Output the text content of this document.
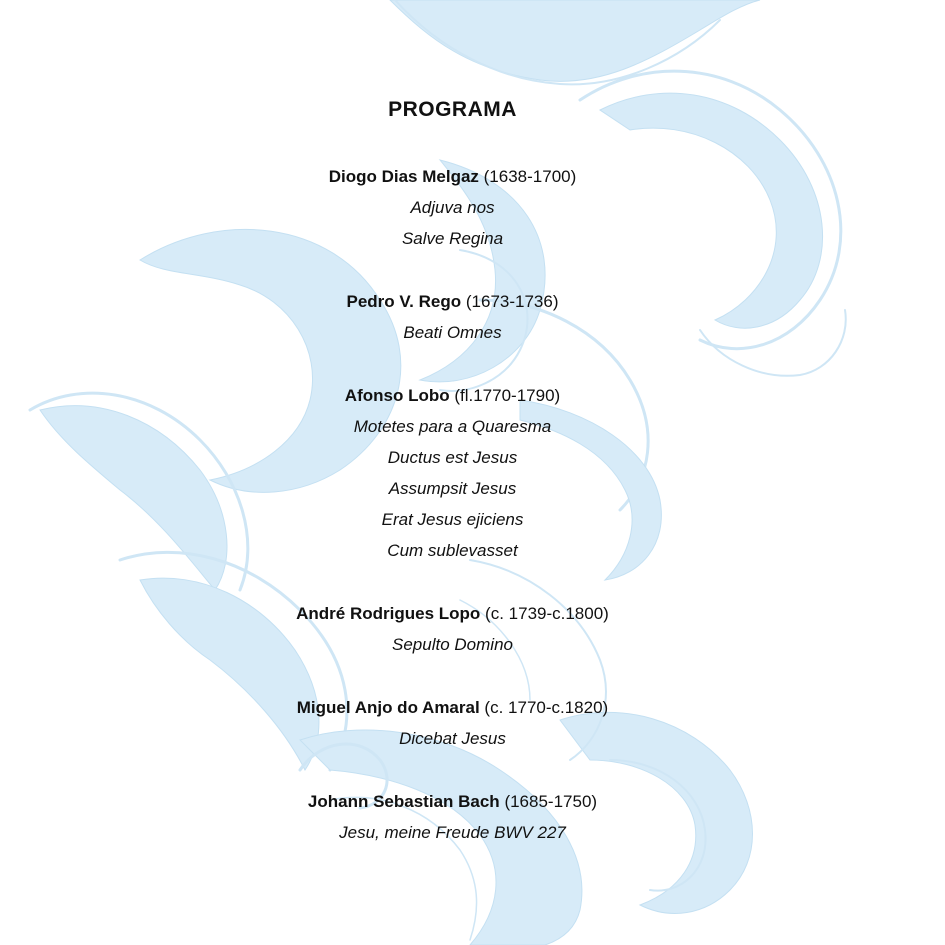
PROGRAMA
Diogo Dias Melgaz (1638-1700)
Adjuva nos
Salve Regina
Pedro V. Rego (1673-1736)
Beati Omnes
Afonso Lobo (fl.1770-1790)
Motetes para a Quaresma
Ductus est Jesus
Assumpsit Jesus
Erat Jesus ejiciens
Cum sublevasset
André Rodrigues Lopo (c. 1739-c.1800)
Sepulto Domino
Miguel Anjo do Amaral (c. 1770-c.1820)
Dicebat Jesus
Johann Sebastian Bach (1685-1750)
Jesu, meine Freude BWV 227
